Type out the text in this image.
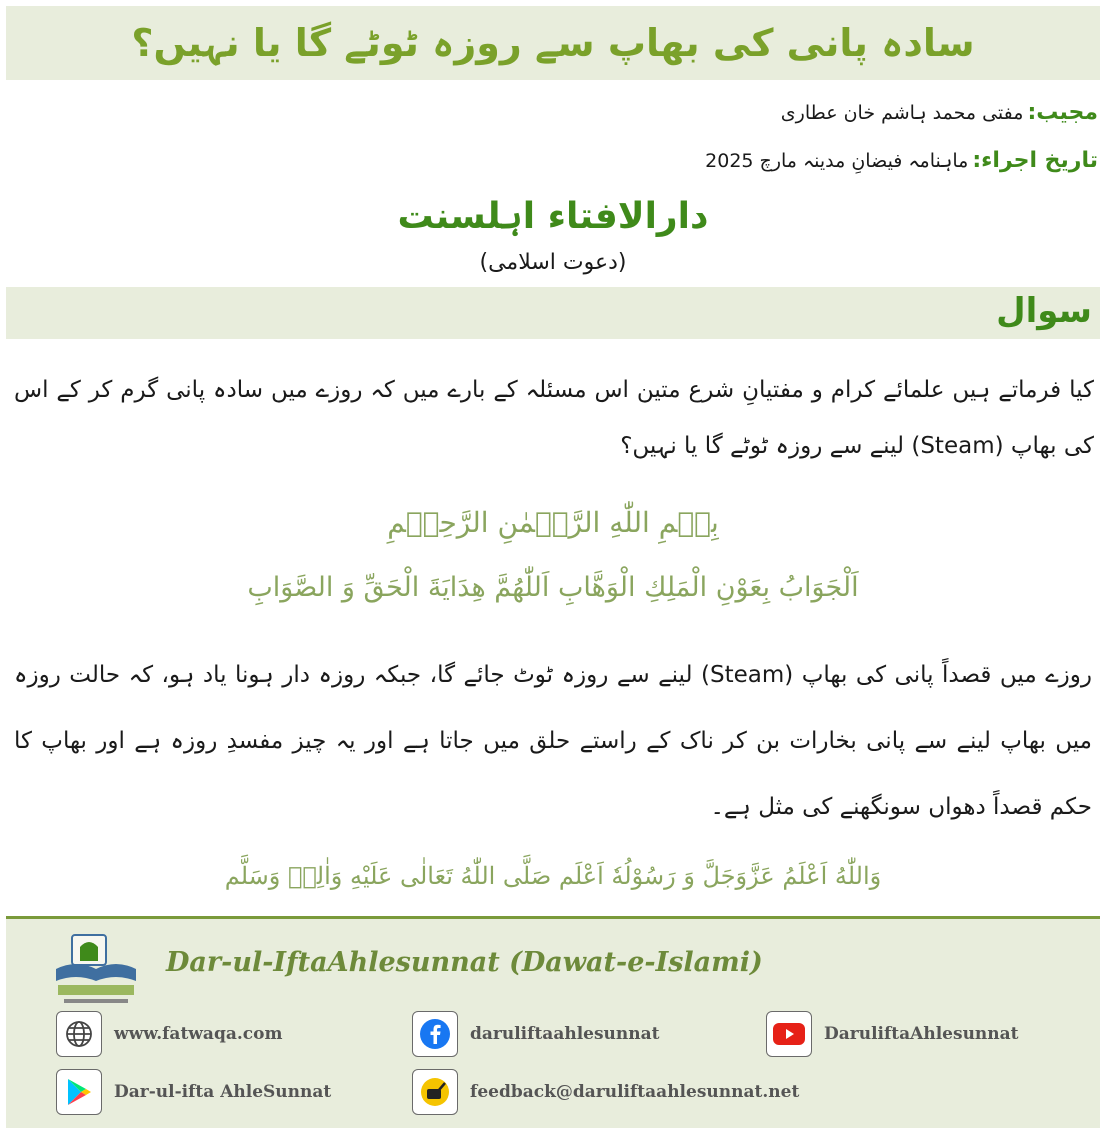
سادہ پانی کی بھاپ سے روزہ ٹوٹے گا یا نہیں؟
مجیب:
مفتی محمد ہاشم خان عطاری
تاریخ اجراء:
ماہنامہ فیضانِ مدینہ مارچ 2025
دارالافتاء اہلسنت
(دعوت اسلامی)
سوال
کیا فرماتے ہیں علمائے کرام و مفتیانِ شرع متین اس مسئلہ کے بارے میں کہ روزے میں سادہ پانی گرم کر کے اس کی بھاپ (Steam) لینے سے روزہ ٹوٹے گا یا نہیں؟
بِسۡمِ اللّٰهِ الرَّحۡمٰنِ الرَّحِیۡمِ
اَلْجَوَابُ بِعَوْنِ الْمَلِكِ الْوَهَّابِ اَللّٰهُمَّ هِدَايَةَ الْحَقِّ وَ الصَّوَابِ
روزے میں قصداً پانی کی بھاپ (Steam) لینے سے روزہ ٹوٹ جائے گا، جبکہ روزہ دار ہونا یاد ہو، کہ حالت روزہ میں بھاپ لینے سے پانی بخارات بن کر ناک کے راستے حلق میں جاتا ہے اور یہ چیز مفسدِ روزہ ہے اور بھاپ کا حکم قصداً دھواں سونگھنے کی مثل ہے۔
وَاللّٰهُ اَعْلَمُ عَزَّوَجَلَّ وَ رَسُوْلُهٗ اَعْلَم صَلَّی اللّٰهُ تَعَالٰی عَلَیْهِ وَاٰلِهٖ وَسَلَّم
Dar-ul-IftaAhlesunnat (Dawat-e-Islami)
www.fatwaqa.com	daruliftaahlesunnat	DaruliftaAhlesunnat
Dar-ul-ifta AhleSunnat	feedback@daruliftaahlesunnat.net
